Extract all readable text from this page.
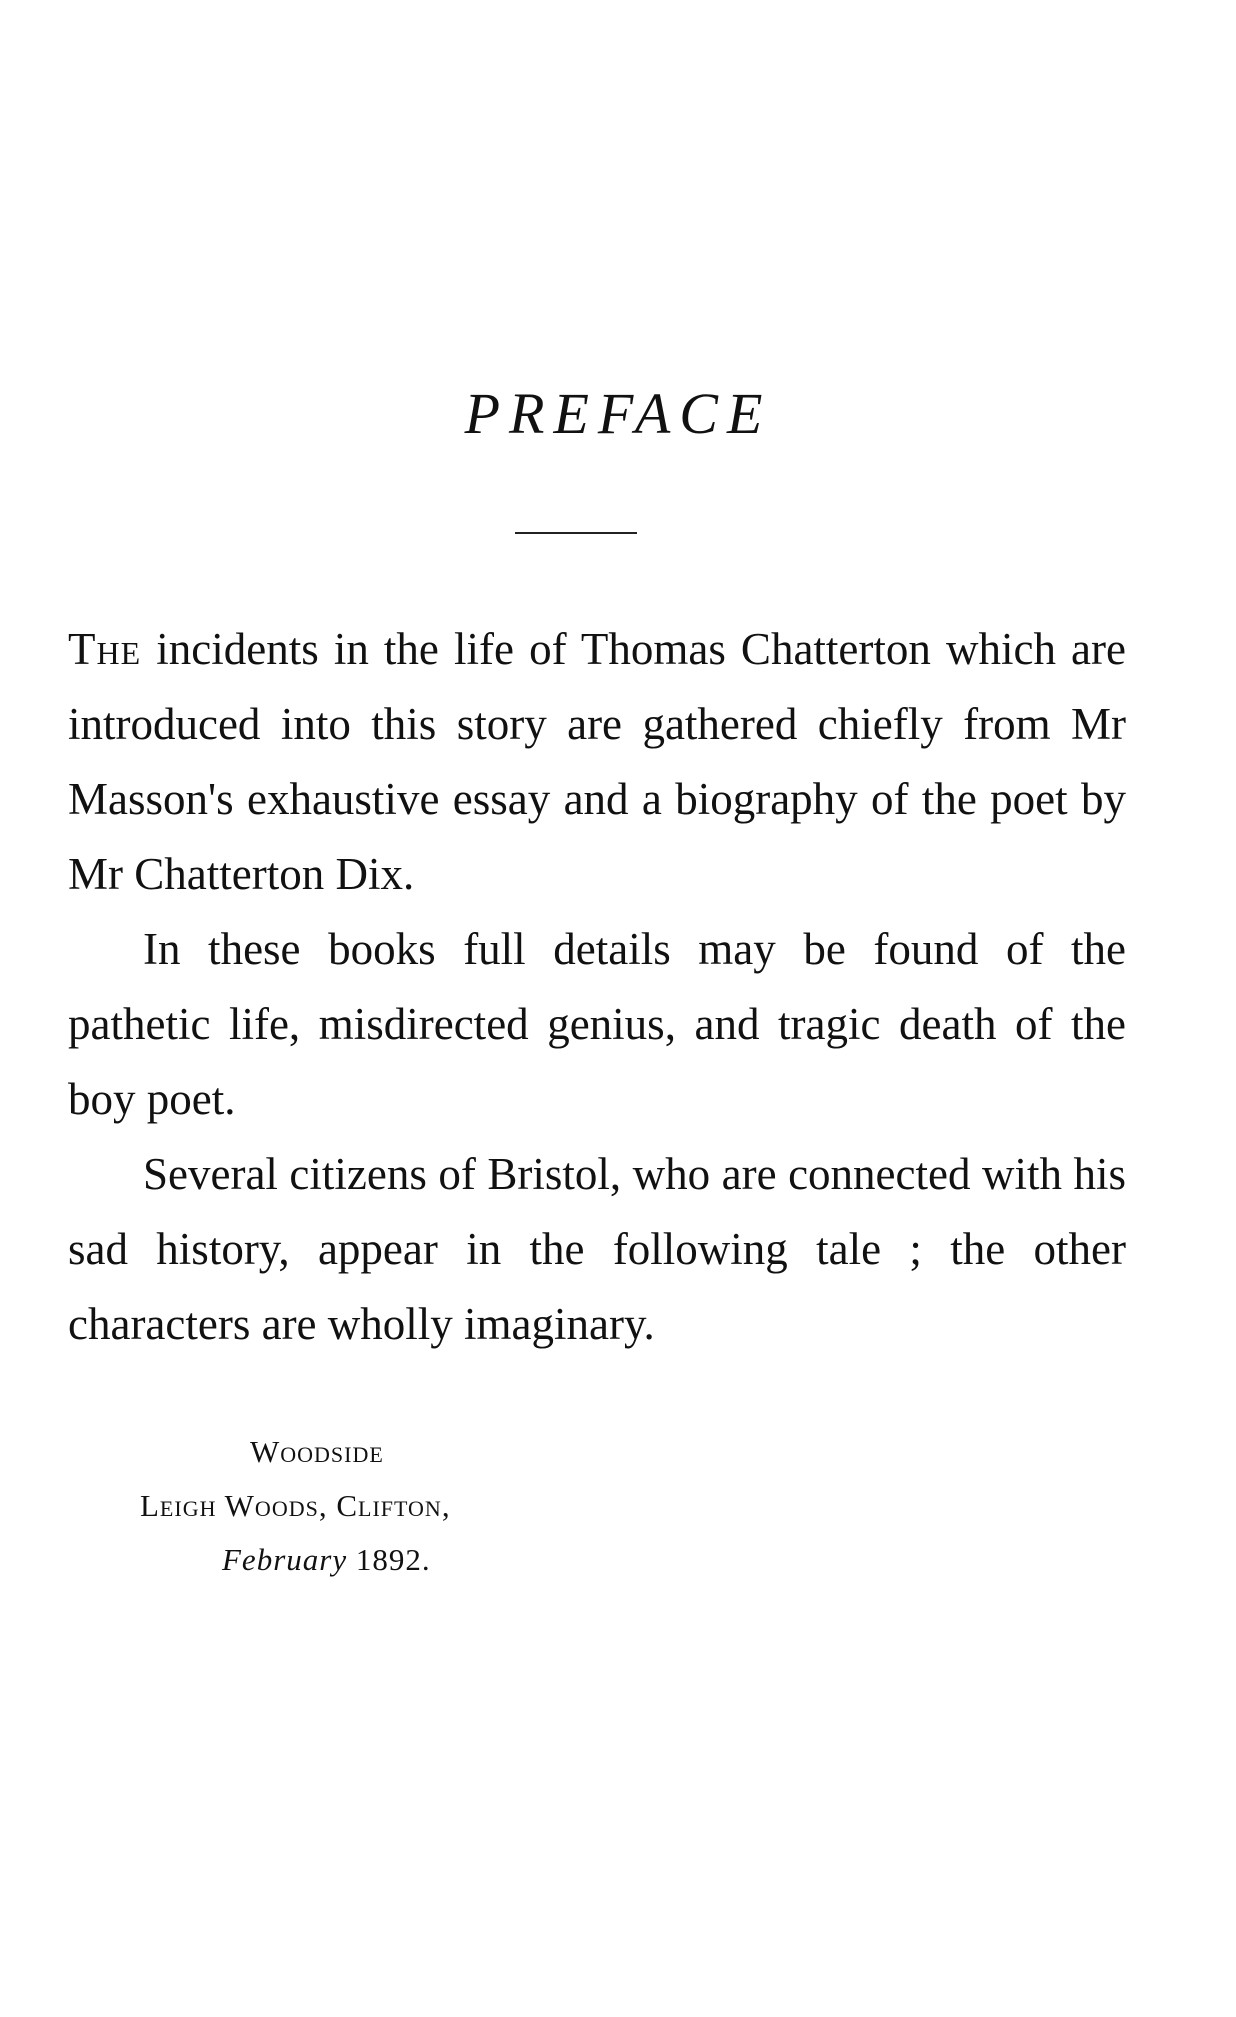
PREFACE

The incidents in the life of Thomas Chatterton which are introduced into this story are gathered chiefly from Mr Masson's exhaustive essay and a biography of the poet by Mr Chatterton Dix.

In these books full details may be found of the pathetic life, misdirected genius, and tragic death of the boy poet.

Several citizens of Bristol, who are connected with his sad history, appear in the following tale ; the other characters are wholly imaginary.

Woodside
Leigh Woods, Clifton,
February 1892.
